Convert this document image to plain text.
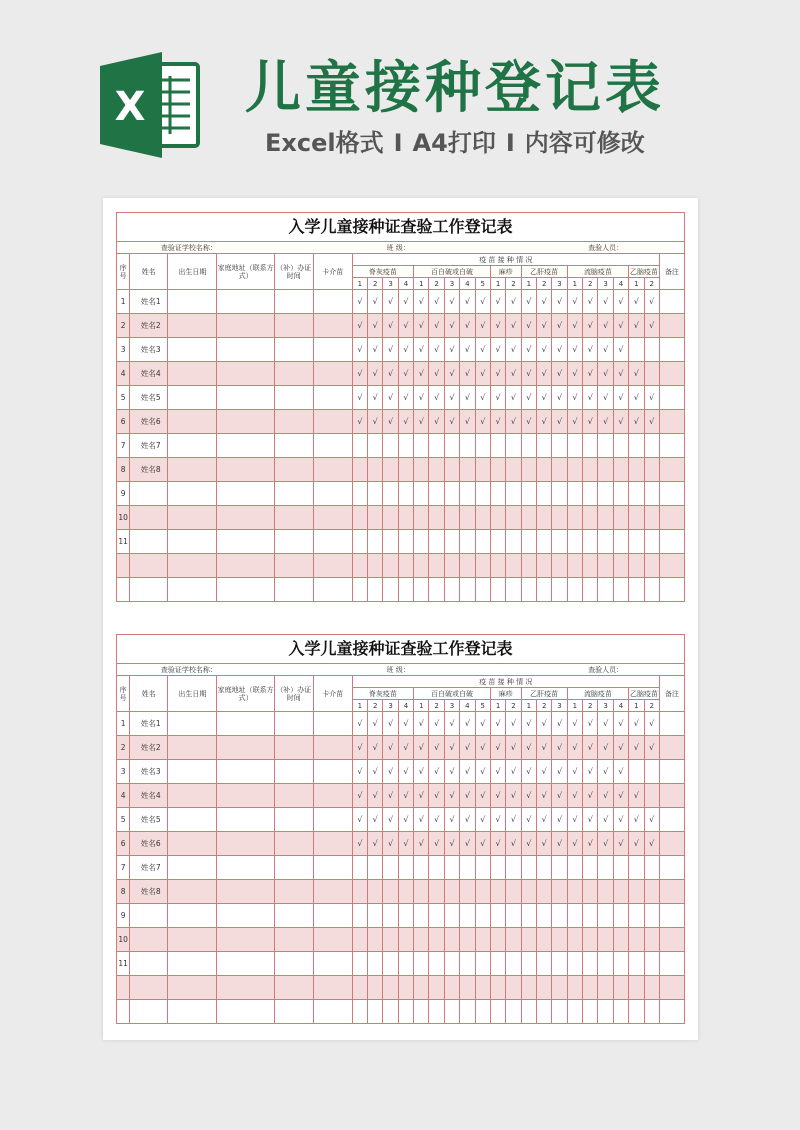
X 儿童接种登记表
Excel格式 I A4打印 I 内容可修改
入学儿童接种证查验工作登记表																										
查验证学校名称：						班 级：														查验人员：						
序号	姓名	出生日期	家庭地址（联系方式）	（补）办证时间	卡介苗	疫 苗 接 种 情 况																				备注
						脊灰疫苗				百白破或白破					麻疹		乙肝疫苗			流脑疫苗				乙脑疫苗		
						1	2	3	4	1	2	3	4	5	1	2	1	2	3	1	2	3	4	1	2	
1	姓名1					√	√	√	√	√	√	√	√	√	√	√	√	√	√	√	√	√	√	√	√	
2	姓名2					√	√	√	√	√	√	√	√	√	√	√	√	√	√	√	√	√	√	√	√	
3	姓名3					√	√	√	√	√	√	√	√	√	√	√	√	√	√	√	√	√	√			
4	姓名4					√	√	√	√	√	√	√	√	√	√	√	√	√	√	√	√	√	√	√		
5	姓名5					√	√	√	√	√	√	√	√	√	√	√	√	√	√	√	√	√	√	√	√	
6	姓名6					√	√	√	√	√	√	√	√	√	√	√	√	√	√	√	√	√	√	√	√	
7	姓名7																									
8	姓名8																									
9																										
10																										
11																										

入学儿童接种证查验工作登记表																										
查验证学校名称：						班 级：														查验人员：						
序号	姓名	出生日期	家庭地址（联系方式）	（补）办证时间	卡介苗	疫 苗 接 种 情 况																				备注
						脊灰疫苗				百白破或白破					麻疹		乙肝疫苗			流脑疫苗				乙脑疫苗		
						1	2	3	4	1	2	3	4	5	1	2	1	2	3	1	2	3	4	1	2	
1	姓名1					√	√	√	√	√	√	√	√	√	√	√	√	√	√	√	√	√	√	√	√	
2	姓名2					√	√	√	√	√	√	√	√	√	√	√	√	√	√	√	√	√	√	√	√	
3	姓名3					√	√	√	√	√	√	√	√	√	√	√	√	√	√	√	√	√	√			
4	姓名4					√	√	√	√	√	√	√	√	√	√	√	√	√	√	√	√	√	√	√		
5	姓名5					√	√	√	√	√	√	√	√	√	√	√	√	√	√	√	√	√	√	√	√	
6	姓名6					√	√	√	√	√	√	√	√	√	√	√	√	√	√	√	√	√	√	√	√	
7	姓名7																									
8	姓名8																									
9																										
10																										
11																										
